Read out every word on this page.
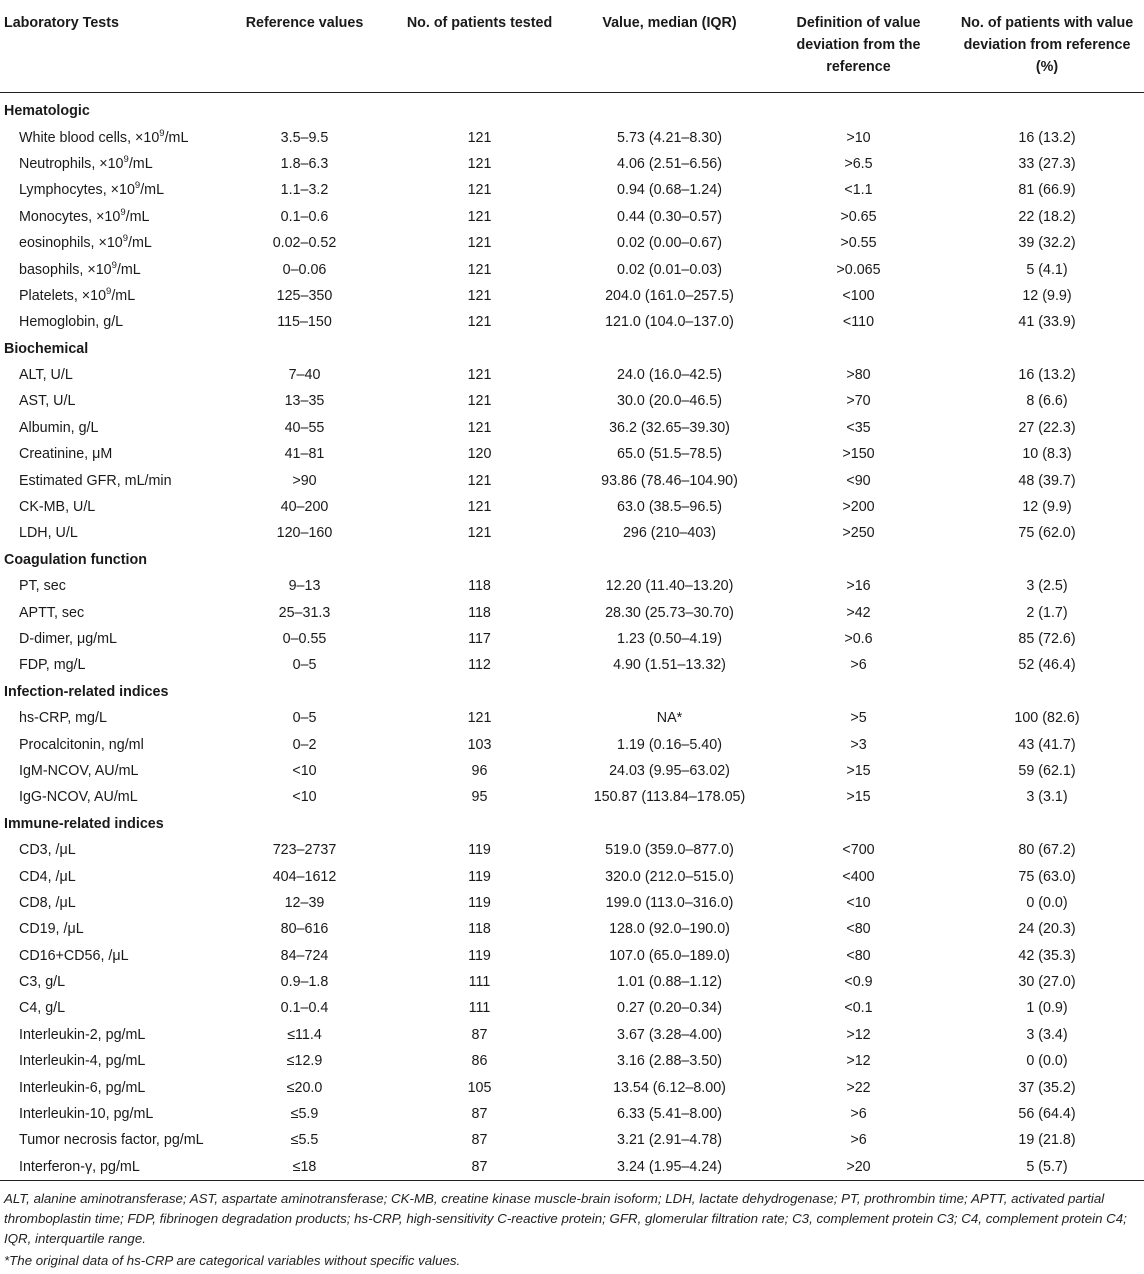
Laboratory Tests	Reference values	No. of patients tested	Value, median (IQR)	Definition of value deviation from the reference	No. of patients with value deviation from reference (%)

Hematologic					
White blood cells, $\times 10^9/mL$	3.5–9.5	121	5.73 (4.21–8.30)	>10	16 (13.2)
Neutrophils, $\times 10^9/mL$	1.8–6.3	121	4.06 (2.51–6.56)	>6.5	33 (27.3)
Lymphocytes, $\times 10^9/mL$	1.1–3.2	121	0.94 (0.68–1.24)	<1.1	81 (66.9)
Monocytes, $\times 10^9/mL$	0.1–0.6	121	0.44 (0.30–0.57)	>0.65	22 (18.2)
eosinophils, $\times 10^9/mL$	0.02–0.52	121	0.02 (0.00–0.67)	>0.55	39 (32.2)
basophils, $\times 10^9/mL$	0–0.06	121	0.02 (0.01–0.03)	>0.065	5 (4.1)
Platelets, $\times 10^9/mL$	125–350	121	204.0 (161.0–257.5)	<100	12 (9.9)
Hemoglobin, g/L	115–150	121	121.0 (104.0–137.0)	<110	41 (33.9)
Biochemical					
ALT, U/L	7–40	121	24.0 (16.0–42.5)	>80	16 (13.2)
AST, U/L	13–35	121	30.0 (20.0–46.5)	>70	8 (6.6)
Albumin, g/L	40–55	121	36.2 (32.65–39.30)	<35	27 (22.3)
Creatinine, μM	41–81	120	65.0 (51.5–78.5)	>150	10 (8.3)
Estimated GFR, mL/min	>90	121	93.86 (78.46–104.90)	<90	48 (39.7)
CK-MB, U/L	40–200	121	63.0 (38.5–96.5)	>200	12 (9.9)
LDH, U/L	120–160	121	296 (210–403)	>250	75 (62.0)
Coagulation function					
PT, sec	9–13	118	12.20 (11.40–13.20)	>16	3 (2.5)
APTT, sec	25–31.3	118	28.30 (25.73–30.70)	>42	2 (1.7)
D-dimer, μg/mL	0–0.55	117	1.23 (0.50–4.19)	>0.6	85 (72.6)
FDP, mg/L	0–5	112	4.90 (1.51–13.32)	>6	52 (46.4)
Infection-related indices					
hs-CRP, mg/L	0–5	121	NA*	>5	100 (82.6)
Procalcitonin, ng/ml	0–2	103	1.19 (0.16–5.40)	>3	43 (41.7)
IgM-NCOV, AU/mL	<10	96	24.03 (9.95–63.02)	>15	59 (62.1)
IgG-NCOV, AU/mL	<10	95	150.87 (113.84–178.05)	>15	3 (3.1)
Immune-related indices					
CD3, /μL	723–2737	119	519.0 (359.0–877.0)	<700	80 (67.2)
CD4, /μL	404–1612	119	320.0 (212.0–515.0)	<400	75 (63.0)
CD8, /μL	12–39	119	199.0 (113.0–316.0)	<10	0 (0.0)
CD19, /μL	80–616	118	128.0 (92.0–190.0)	<80	24 (20.3)
CD16+CD56, /μL	84–724	119	107.0 (65.0–189.0)	<80	42 (35.3)
C3, g/L	0.9–1.8	111	1.01 (0.88–1.12)	<0.9	30 (27.0)
C4, g/L	0.1–0.4	111	0.27 (0.20–0.34)	<0.1	1 (0.9)
Interleukin-2, pg/mL	≤11.4	87	3.67 (3.28–4.00)	>12	3 (3.4)
Interleukin-4, pg/mL	≤12.9	86	3.16 (2.88–3.50)	>12	0 (0.0)
Interleukin-6, pg/mL	≤20.0	105	13.54 (6.12–8.00)	>22	37 (35.2)
Interleukin-10, pg/mL	≤5.9	87	6.33 (5.41–8.00)	>6	56 (64.4)
Tumor necrosis factor, pg/mL	≤5.5	87	3.21 (2.91–4.78)	>6	19 (21.8)
Interferon-γ, pg/mL	≤18	87	3.24 (1.95–4.24)	>20	5 (5.7)

ALT, alanine aminotransferase; AST, aspartate aminotransferase; CK-MB, creatine kinase muscle-brain isoform; LDH, lactate dehydrogenase; PT, prothrombin time; APTT, activated partial thromboplastin time; FDP, fibrinogen degradation products; hs-CRP, high-sensitivity C-reactive protein; GFR, glomerular filtration rate; C3, complement protein C3; C4, complement protein C4; IQR, interquartile range.

*The original data of hs-CRP are categorical variables without specific values.
